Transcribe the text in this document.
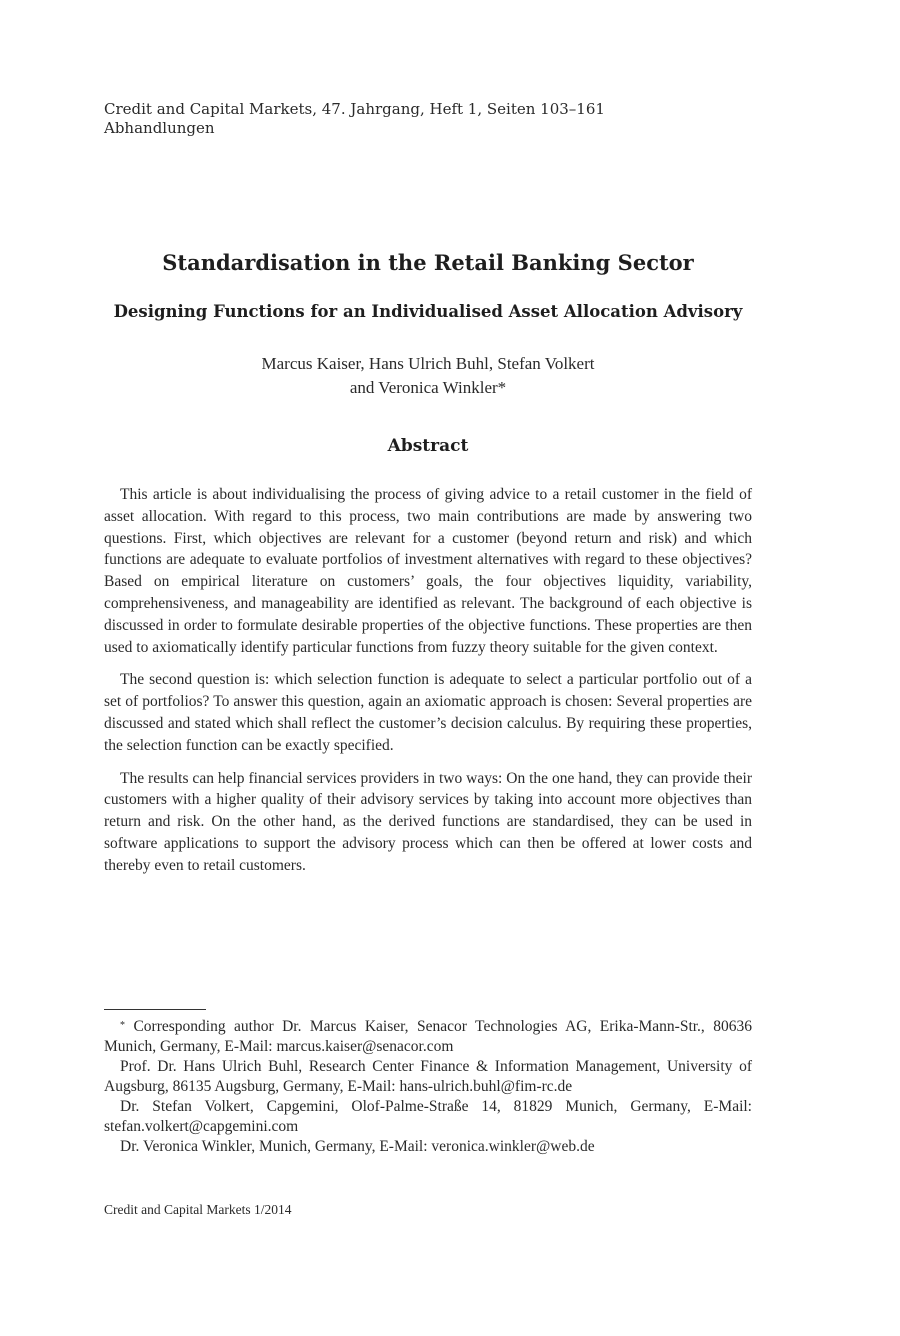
Credit and Capital Markets, 47. Jahrgang, Heft 1, Seiten 103–161
Abhandlungen
Standardisation in the Retail Banking Sector
Designing Functions for an Individualised Asset Allocation Advisory
Marcus Kaiser, Hans Ulrich Buhl, Stefan Volkert
and Veronica Winkler*
Abstract

This article is about individualising the process of giving advice to a retail customer in the field of asset allocation. With regard to this process, two main contributions are made by answering two questions. First, which objectives are relevant for a customer (beyond return and risk) and which functions are adequate to evaluate portfolios of investment alternatives with regard to these objectives? Based on empirical literature on customers’ goals, the four objectives liquidity, variability, comprehensiveness, and manageability are identified as relevant. The background of each objective is discussed in order to formulate desirable properties of the objective functions. These properties are then used to axiomatically identify particular functions from fuzzy theory suitable for the given context.

The second question is: which selection function is adequate to select a particular portfolio out of a set of portfolios? To answer this question, again an axiomatic approach is chosen: Several properties are discussed and stated which shall reflect the customer’s decision calculus. By requiring these properties, the selection function can be exactly specified.

The results can help financial services providers in two ways: On the one hand, they can provide their customers with a higher quality of their advisory services by taking into account more objectives than return and risk. On the other hand, as the derived functions are standardised, they can be used in software applications to support the advisory process which can then be offered at lower costs and thereby even to retail customers.

* Corresponding author Dr. Marcus Kaiser, Senacor Technologies AG, Erika-Mann-Str., 80636 Munich, Germany, E-Mail: marcus.kaiser@senacor.com

Prof. Dr. Hans Ulrich Buhl, Research Center Finance & Information Management, University of Augsburg, 86135 Augsburg, Germany, E-Mail: hans-ulrich.buhl@fim-rc.de

Dr. Stefan Volkert, Capgemini, Olof-Palme-Straße 14, 81829 Munich, Germany, E-Mail: stefan.volkert@capgemini.com

Dr. Veronica Winkler, Munich, Germany, E-Mail: veronica.winkler@web.de

Credit and Capital Markets 1/2014
